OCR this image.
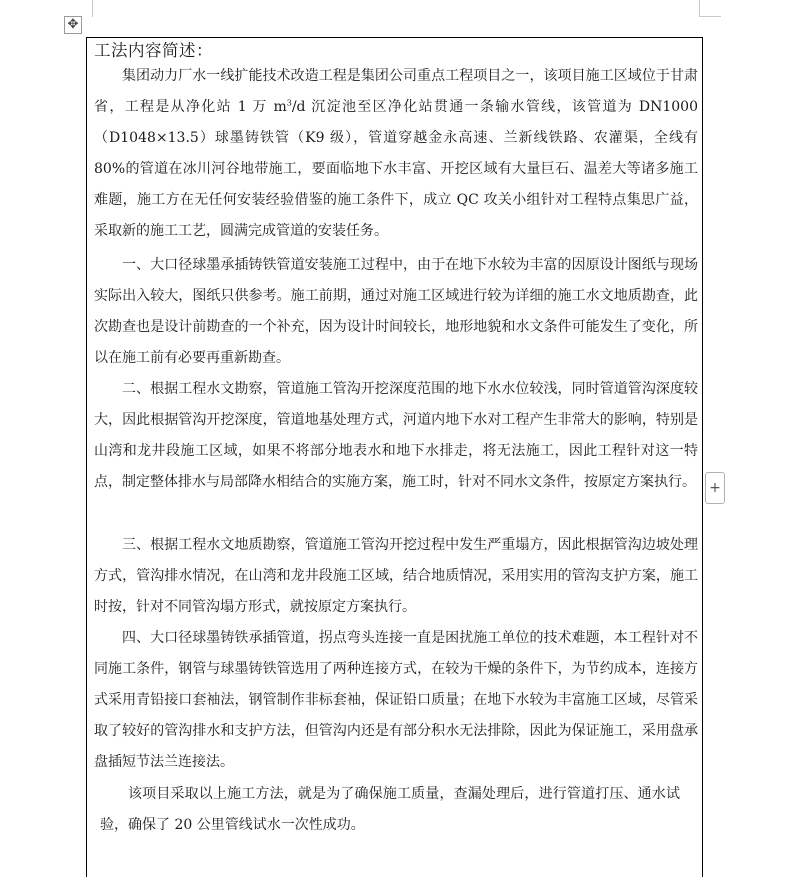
✥
+
工法内容简述：

集团动力厂水一线扩能技术改造工程是集团公司重点工程项目之一，该项目施工区域位于甘肃省，工程是从净化站 1 万 $m^3/d$ 沉淀池至区净化站贯通一条输水管线，该管道为 DN1000（D1048×13.5）球墨铸铁管（K9 级），管道穿越金永高速、兰新线铁路、农灌渠，全线有 80%的管道在冰川河谷地带施工，要面临地下水丰富、开挖区域有大量巨石、温差大等诸多施工难题，施工方在无任何安装经验借鉴的施工条件下，成立 QC 攻关小组针对工程特点集思广益，采取新的施工工艺，圆满完成管道的安装任务。

一、大口径球墨承插铸铁管道安装施工过程中，由于在地下水较为丰富的因原设计图纸与现场实际出入较大，图纸只供参考。施工前期，通过对施工区域进行较为详细的施工水文地质勘查，此次勘查也是设计前勘查的一个补充，因为设计时间较长，地形地貌和水文条件可能发生了变化，所以在施工前有必要再重新勘查。

二、根据工程水文勘察，管道施工管沟开挖深度范围的地下水水位较浅，同时管道管沟深度较大，因此根据管沟开挖深度，管道地基处理方式，河道内地下水对工程产生非常大的影响，特别是山湾和龙井段施工区域，如果不将部分地表水和地下水排走，将无法施工，因此工程针对这一特点，制定整体排水与局部降水相结合的实施方案，施工时，针对不同水文条件，按原定方案执行。

三、根据工程水文地质勘察，管道施工管沟开挖过程中发生严重塌方，因此根据管沟边坡处理方式，管沟排水情况，在山湾和龙井段施工区域，结合地质情况，采用实用的管沟支护方案，施工时按，针对不同管沟塌方形式，就按原定方案执行。

四、大口径球墨铸铁承插管道，拐点弯头连接一直是困扰施工单位的技术难题，本工程针对不同施工条件，钢管与球墨铸铁管选用了两种连接方式，在较为干燥的条件下，为节约成本，连接方式采用青铅接口套袖法，钢管制作非标套袖，保证铅口质量；在地下水较为丰富施工区域，尽管采取了较好的管沟排水和支护方法，但管沟内还是有部分积水无法排除，因此为保证施工，采用盘承盘插短节法兰连接法。

该项目采取以上施工方法，就是为了确保施工质量，查漏处理后，进行管道打压、通水试验，确保了 20 公里管线试水一次性成功。
